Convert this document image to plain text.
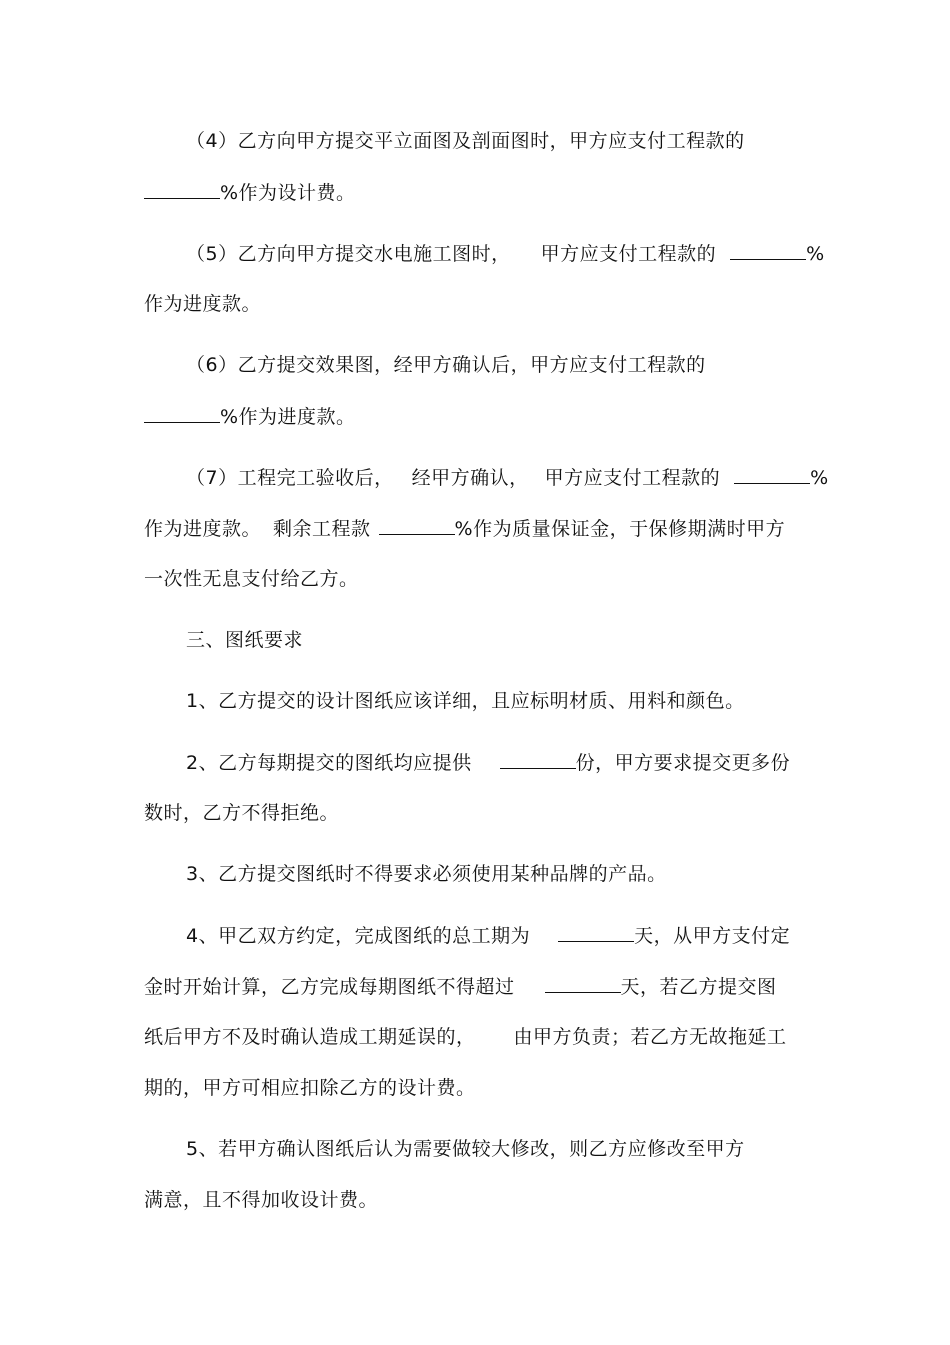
（4）乙方向甲方提交平立面图及剖面图时，甲方应支付工程款的
%作为设计费。
（5）乙方向甲方提交水电施工图时， 甲方应支付工程款的	%
作为进度款。
（6）乙方提交效果图，经甲方确认后，甲方应支付工程款的
%作为进度款。
（7）工程完工验收后， 经甲方确认， 甲方应支付工程款的	%
作为进度款。 剩余工程款	%作为质量保证金，于保修期满时甲方
一次性无息支付给乙方。
三、图纸要求
1、乙方提交的设计图纸应该详细，且应标明材质、用料和颜色。
2、乙方每期提交的图纸均应提供	份，甲方要求提交更多份
数时，乙方不得拒绝。
3、乙方提交图纸时不得要求必须使用某种品牌的产品。
4、甲乙双方约定，完成图纸的总工期为	天，从甲方支付定
金时开始计算，乙方完成每期图纸不得超过	天，若乙方提交图
纸后甲方不及时确认造成工期延误的， 由甲方负责；若乙方无故拖延工
期的，甲方可相应扣除乙方的设计费。
5、若甲方确认图纸后认为需要做较大修改，则乙方应修改至甲方
满意，且不得加收设计费。
